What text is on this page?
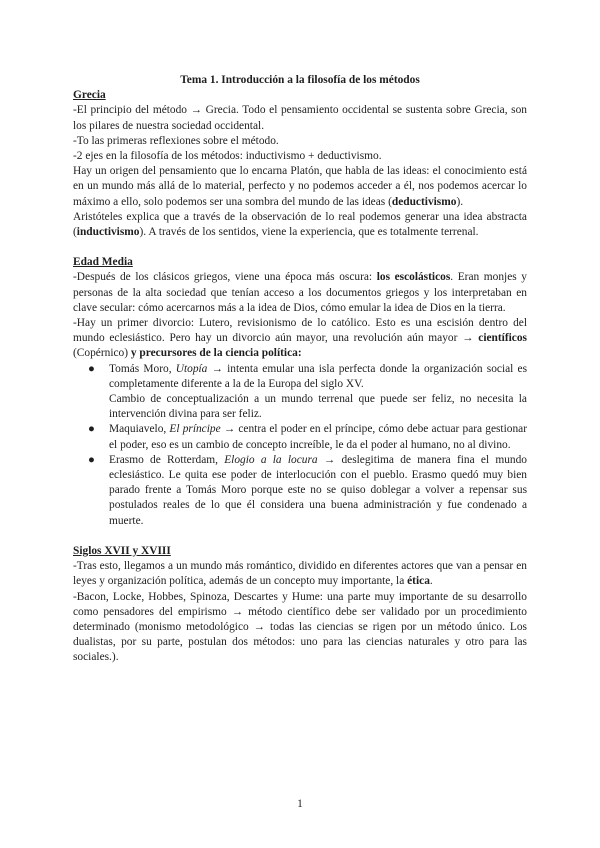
Tema 1. Introducción a la filosofía de los métodos

Grecia

-El principio del método → Grecia. Todo el pensamiento occidental se sustenta sobre Grecia, son los pilares de nuestra sociedad occidental.

-To las primeras reflexiones sobre el método.

-2 ejes en la filosofía de los métodos: inductivismo + deductivismo.

Hay un origen del pensamiento que lo encarna Platón, que habla de las ideas: el conocimiento está en un mundo más allá de lo material, perfecto y no podemos acceder a él, nos podemos acercar lo máximo a ello, solo podemos ser una sombra del mundo de las ideas (deductivismo).

Aristóteles explica que a través de la observación de lo real podemos generar una idea abstracta (inductivismo). A través de los sentidos, viene la experiencia, que es totalmente terrenal.

Edad Media

-Después de los clásicos griegos, viene una época más oscura: los escolásticos. Eran monjes y personas de la alta sociedad que tenían acceso a los documentos griegos y los interpretaban en clave secular: cómo acercarnos más a la idea de Dios, cómo emular la idea de Dios en la tierra.

-Hay un primer divorcio: Lutero, revisionismo de lo católico. Esto es una escisión dentro del mundo eclesiástico. Pero hay un divorcio aún mayor, una revolución aún mayor → científicos (Copérnico) y precursores de la ciencia política:

● Tomás Moro, Utopía → intenta emular una isla perfecta donde la organización social es completamente diferente a la de la Europa del siglo XV.

Cambio de conceptualización a un mundo terrenal que puede ser feliz, no necesita la intervención divina para ser feliz.

● Maquiavelo, El príncipe → centra el poder en el príncipe, cómo debe actuar para gestionar el poder, eso es un cambio de concepto increíble, le da el poder al humano, no al divino.

● Erasmo de Rotterdam, Elogio a la locura → deslegitima de manera fina el mundo eclesiástico. Le quita ese poder de interlocución con el pueblo. Erasmo quedó muy bien parado frente a Tomás Moro porque este no se quiso doblegar a volver a repensar sus postulados reales de lo que él considera una buena administración y fue condenado a muerte.

Siglos XVII y XVIII

-Tras esto, llegamos a un mundo más romántico, dividido en diferentes actores que van a pensar en leyes y organización política, además de un concepto muy importante, la ética.

-Bacon, Locke, Hobbes, Spinoza, Descartes y Hume: una parte muy importante de su desarrollo como pensadores del empirismo → método científico debe ser validado por un procedimiento determinado (monismo metodológico → todas las ciencias se rigen por un método único. Los dualistas, por su parte, postulan dos métodos: uno para las ciencias naturales y otro para las sociales.).

1
